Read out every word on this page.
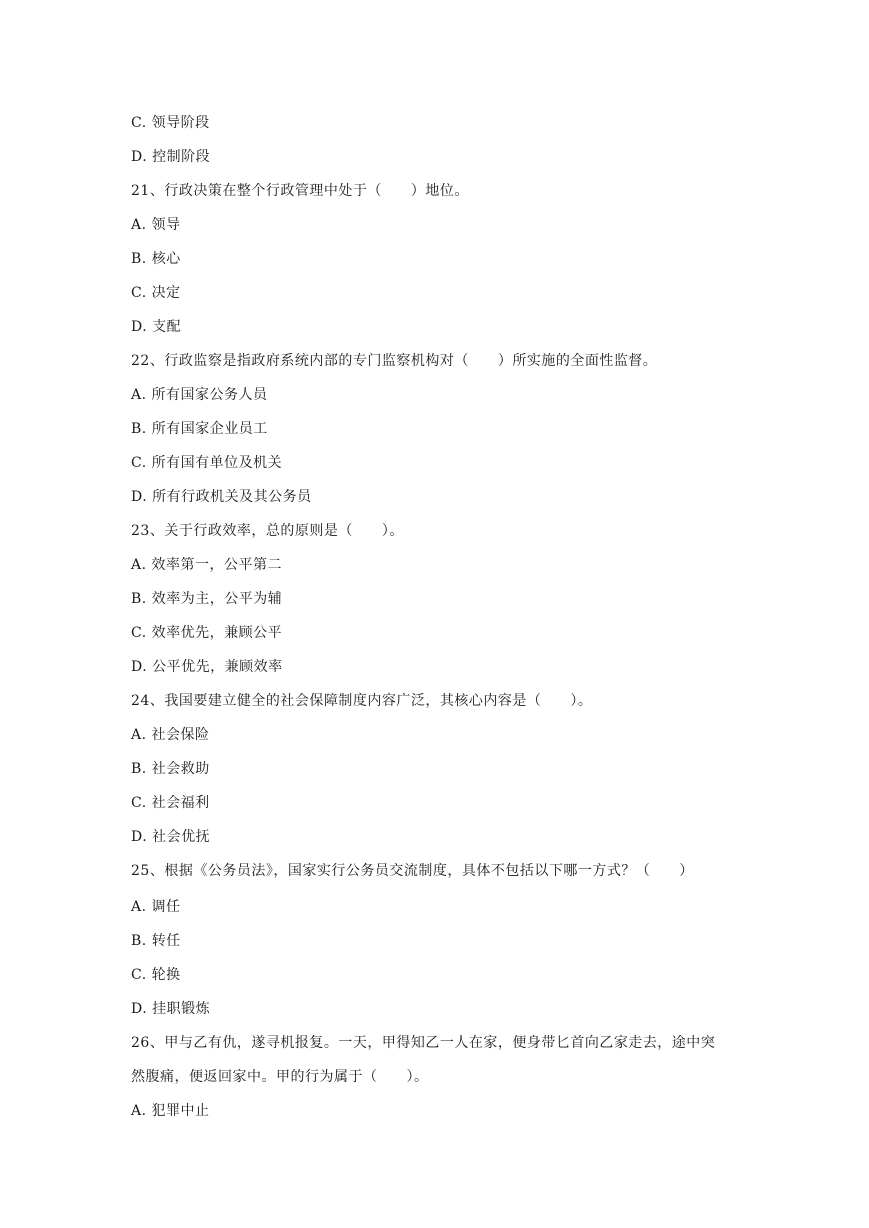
C. 领导阶段
D. 控制阶段
21、行政决策在整个行政管理中处于（　　）地位。
A. 领导
B. 核心
C. 决定
D. 支配
22、行政监察是指政府系统内部的专门监察机构对（　　）所实施的全面性监督。
A. 所有国家公务人员
B. 所有国家企业员工
C. 所有国有单位及机关
D. 所有行政机关及其公务员
23、关于行政效率，总的原则是（　　）。
A. 效率第一，公平第二
B. 效率为主，公平为辅
C. 效率优先，兼顾公平
D. 公平优先，兼顾效率
24、我国要建立健全的社会保障制度内容广泛，其核心内容是（　　）。
A. 社会保险
B. 社会救助
C. 社会福利
D. 社会优抚
25、根据《公务员法》，国家实行公务员交流制度，具体不包括以下哪一方式？（　　）
A. 调任
B. 转任
C. 轮换
D. 挂职锻炼
26、甲与乙有仇，遂寻机报复。一天，甲得知乙一人在家，便身带匕首向乙家走去，途中突
然腹痛，便返回家中。甲的行为属于（　　）。
A. 犯罪中止
